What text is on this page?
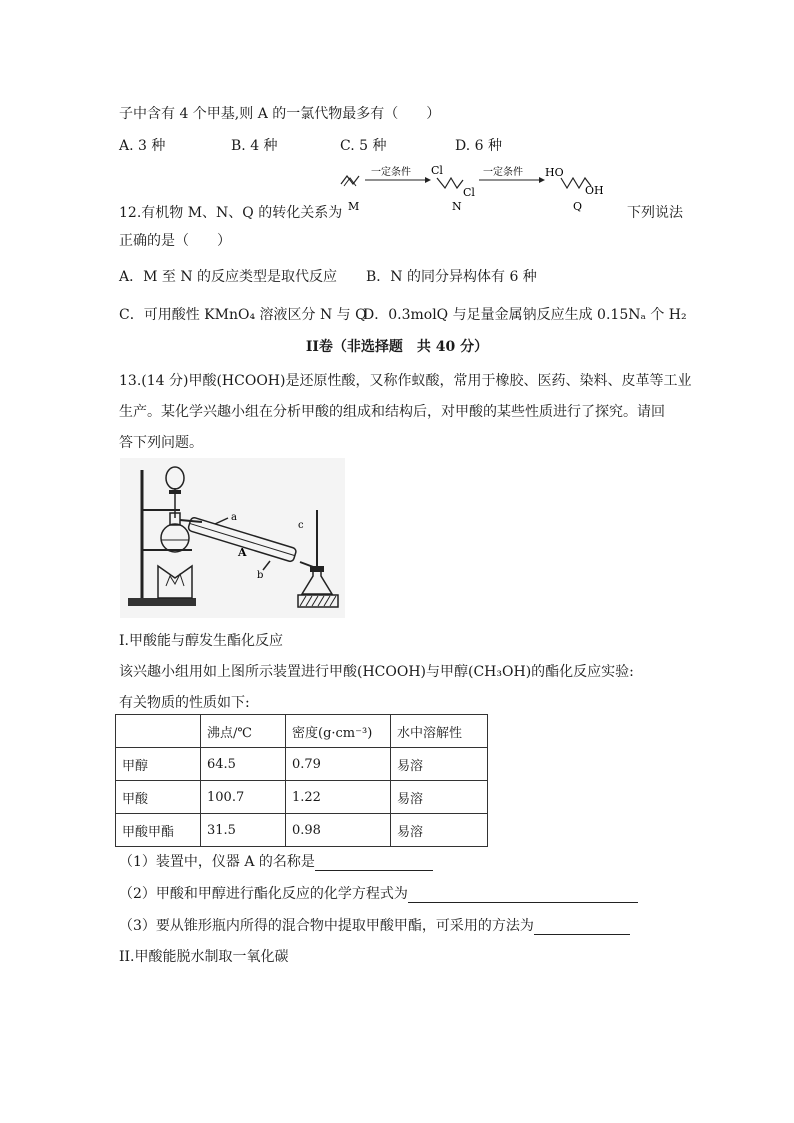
子中含有 4 个甲基,则 A 的一氯代物最多有（　　）
A. 3 种	B. 4 种	C. 5 种	D. 6 种
12.有机物 M、N、Q 的转化关系为 M
一定条件 Cl
Cl
N
一定条件 HO
OH
Q	下列说法
正确的是（　　）
A．M 至 N 的反应类型是取代反应 B．N 的同分异构体有 6 种
C．可用酸性 KMnO₄ 溶液区分 N 与 Q
D．0.3molQ 与足量金属钠反应生成 0.15Nₐ 个 H₂
II卷（非选择题　共 40 分）
13.(14 分)甲酸(HCOOH)是还原性酸，又称作蚁酸，常用于橡胶、医药、染料、皮革等工业
生产。某化学兴趣小组在分析甲酸的组成和结构后，对甲酸的某些性质进行了探究。请回
答下列问题。
a
b
A
c
I.甲酸能与醇发生酯化反应
该兴趣小组用如上图所示装置进行甲酸(HCOOH)与甲醇(CH₃OH)的酯化反应实验:
有关物质的性质如下:
	沸点/℃	密度(g·cm⁻³)	水中溶解性
甲醇	64.5	0.79	易溶
甲酸	100.7	1.22	易溶
甲酸甲酯	31.5	0.98	易溶
（1）装置中，仪器 A 的名称是
（2）甲酸和甲醇进行酯化反应的化学方程式为
（3）要从锥形瓶内所得的混合物中提取甲酸甲酯，可采用的方法为
II.甲酸能脱水制取一氧化碳
